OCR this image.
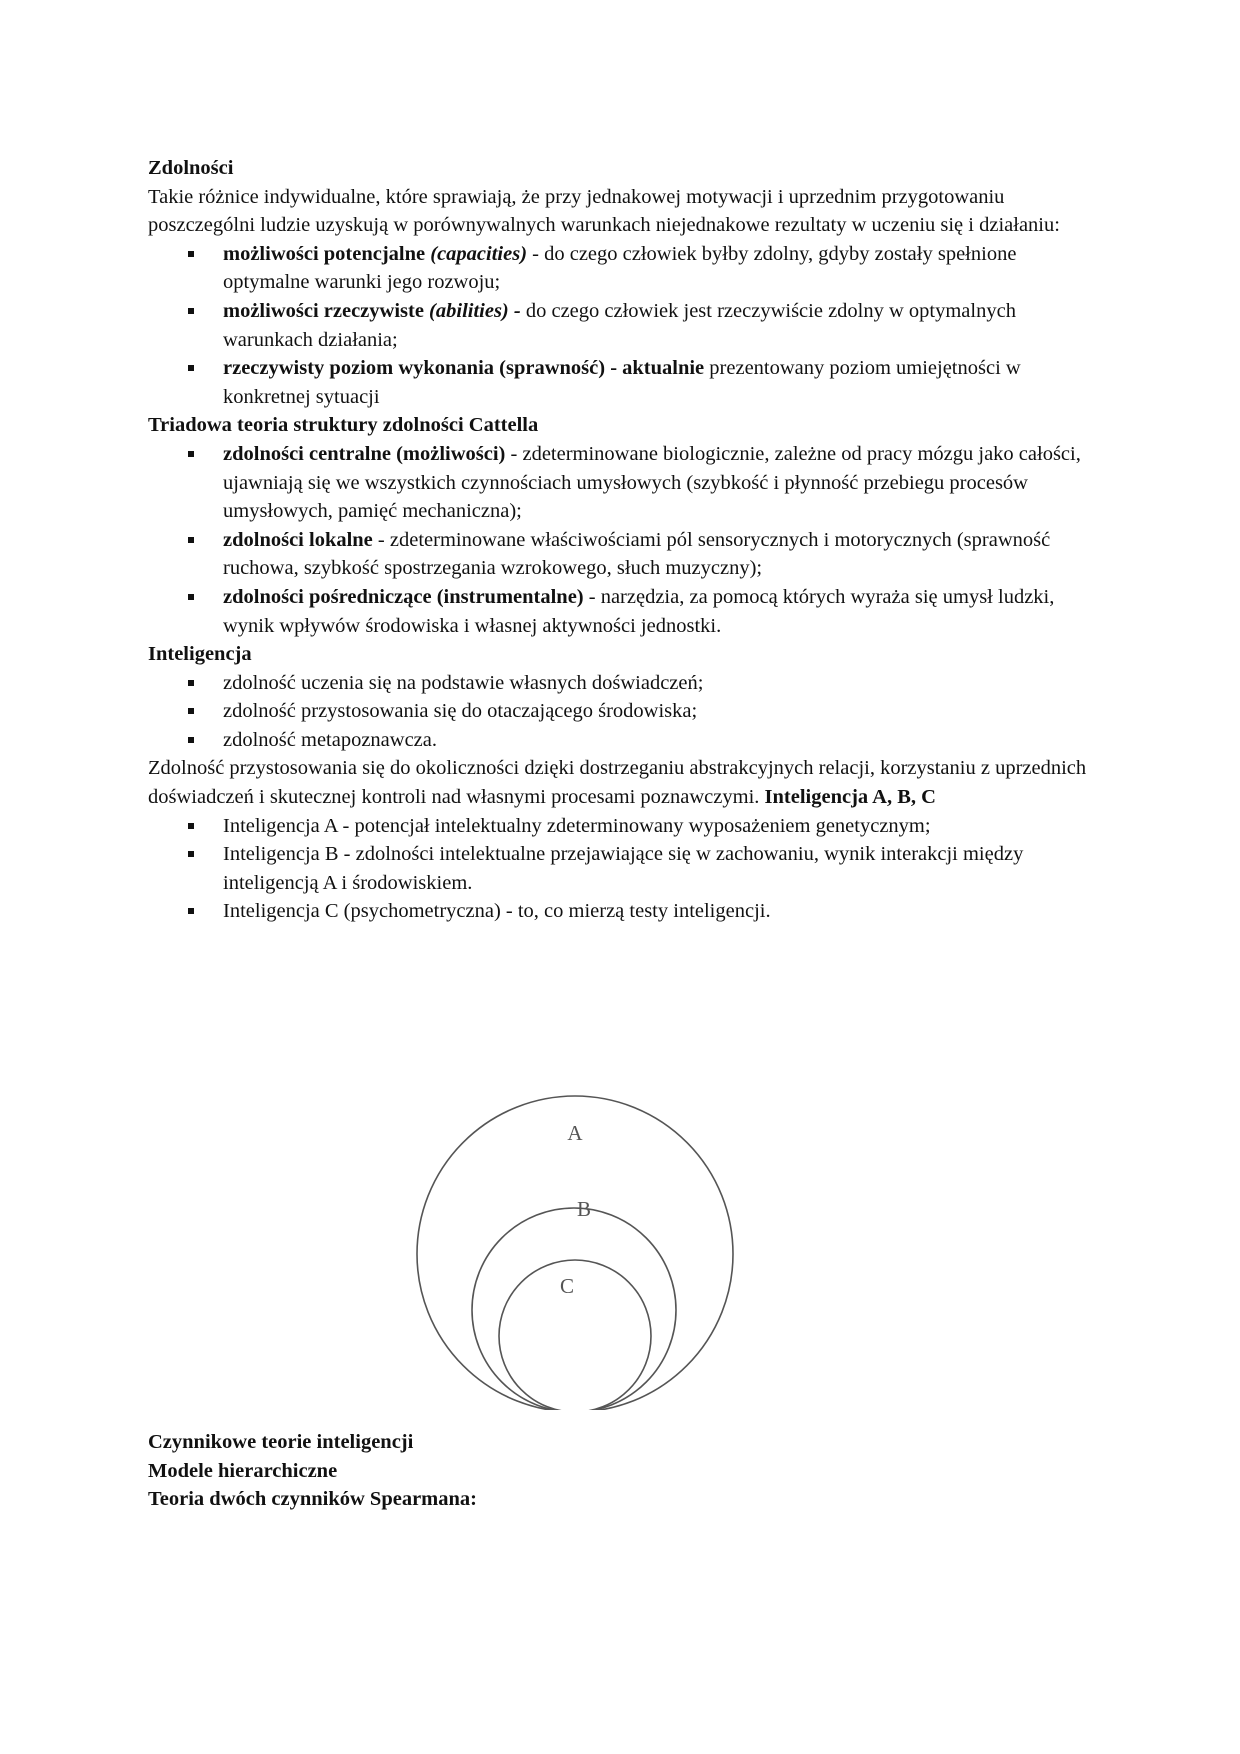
Zdolności

Takie różnice indywidualne, które sprawiają, że przy jednakowej motywacji i uprzednim przygotowaniu poszczególni ludzie uzyskują w porównywalnych warunkach niejednakowe rezultaty w uczeniu się i działaniu:

możliwości potencjalne (capacities) - do czego człowiek byłby zdolny, gdyby zostały spełnione optymalne warunki jego rozwoju;
możliwości rzeczywiste (abilities) - do czego człowiek jest rzeczywiście zdolny w optymalnych warunkach działania;
rzeczywisty poziom wykonania (sprawność) - aktualnie prezentowany poziom umiejętności w konkretnej sytuacji

Triadowa teoria struktury zdolności Cattella

zdolności centralne (możliwości) - zdeterminowane biologicznie, zależne od pracy mózgu jako całości, ujawniają się we wszystkich czynnościach umysłowych (szybkość i płynność przebiegu procesów umysłowych, pamięć mechaniczna);
zdolności lokalne - zdeterminowane właściwościami pól sensorycznych i motorycznych (sprawność ruchowa, szybkość spostrzegania wzrokowego, słuch muzyczny);
zdolności pośredniczące (instrumentalne) - narzędzia, za pomocą których wyraża się umysł ludzki, wynik wpływów środowiska i własnej aktywności jednostki.

Inteligencja

zdolność uczenia się na podstawie własnych doświadczeń;
zdolność przystosowania się do otaczającego środowiska;
zdolność metapoznawcza.

Zdolność przystosowania się do okoliczności dzięki dostrzeganiu abstrakcyjnych relacji, korzystaniu z uprzednich doświadczeń i skutecznej kontroli nad własnymi procesami poznawczymi. Inteligencja A, B, C

Inteligencja A - potencjał intelektualny zdeterminowany wyposażeniem genetycznym;
Inteligencja B - zdolności intelektualne przejawiające się w zachowaniu, wynik interakcji między inteligencją A i środowiskiem.
Inteligencja C (psychometryczna) - to, co mierzą testy inteligencji.
A
B
C

Czynnikowe teorie inteligencji

Modele hierarchiczne

Teoria dwóch czynników Spearmana:
